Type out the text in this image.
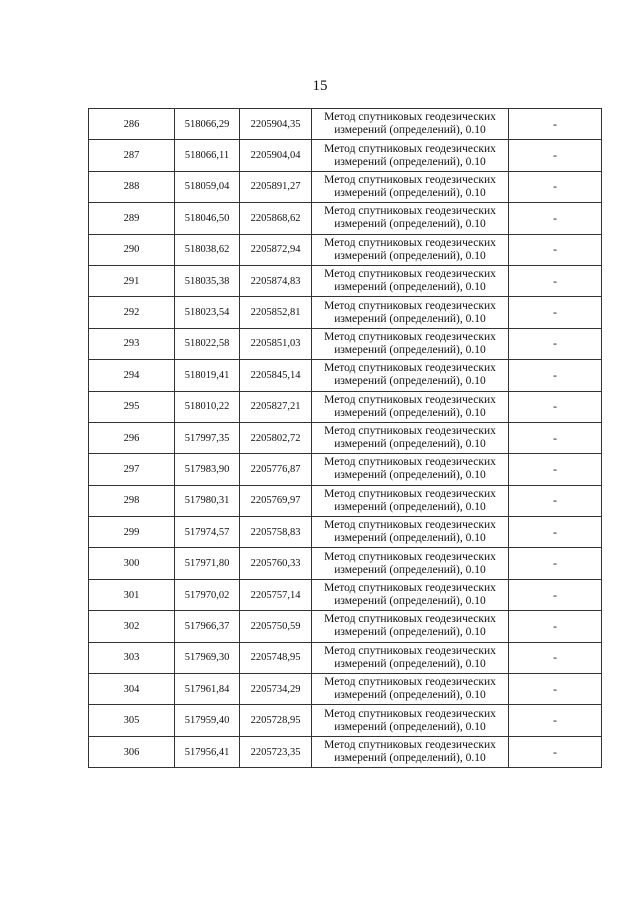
15
286	518066,29	2205904,35	Метод спутниковых геодезических
измерений (определений), 0.10	-
287	518066,11	2205904,04	Метод спутниковых геодезических
измерений (определений), 0.10	-
288	518059,04	2205891,27	Метод спутниковых геодезических
измерений (определений), 0.10	-
289	518046,50	2205868,62	Метод спутниковых геодезических
измерений (определений), 0.10	-
290	518038,62	2205872,94	Метод спутниковых геодезических
измерений (определений), 0.10	-
291	518035,38	2205874,83	Метод спутниковых геодезических
измерений (определений), 0.10	-
292	518023,54	2205852,81	Метод спутниковых геодезических
измерений (определений), 0.10	-
293	518022,58	2205851,03	Метод спутниковых геодезических
измерений (определений), 0.10	-
294	518019,41	2205845,14	Метод спутниковых геодезических
измерений (определений), 0.10	-
295	518010,22	2205827,21	Метод спутниковых геодезических
измерений (определений), 0.10	-
296	517997,35	2205802,72	Метод спутниковых геодезических
измерений (определений), 0.10	-
297	517983,90	2205776,87	Метод спутниковых геодезических
измерений (определений), 0.10	-
298	517980,31	2205769,97	Метод спутниковых геодезических
измерений (определений), 0.10	-
299	517974,57	2205758,83	Метод спутниковых геодезических
измерений (определений), 0.10	-
300	517971,80	2205760,33	Метод спутниковых геодезических
измерений (определений), 0.10	-
301	517970,02	2205757,14	Метод спутниковых геодезических
измерений (определений), 0.10	-
302	517966,37	2205750,59	Метод спутниковых геодезических
измерений (определений), 0.10	-
303	517969,30	2205748,95	Метод спутниковых геодезических
измерений (определений), 0.10	-
304	517961,84	2205734,29	Метод спутниковых геодезических
измерений (определений), 0.10	-
305	517959,40	2205728,95	Метод спутниковых геодезических
измерений (определений), 0.10	-
306	517956,41	2205723,35	Метод спутниковых геодезических
измерений (определений), 0.10	-
